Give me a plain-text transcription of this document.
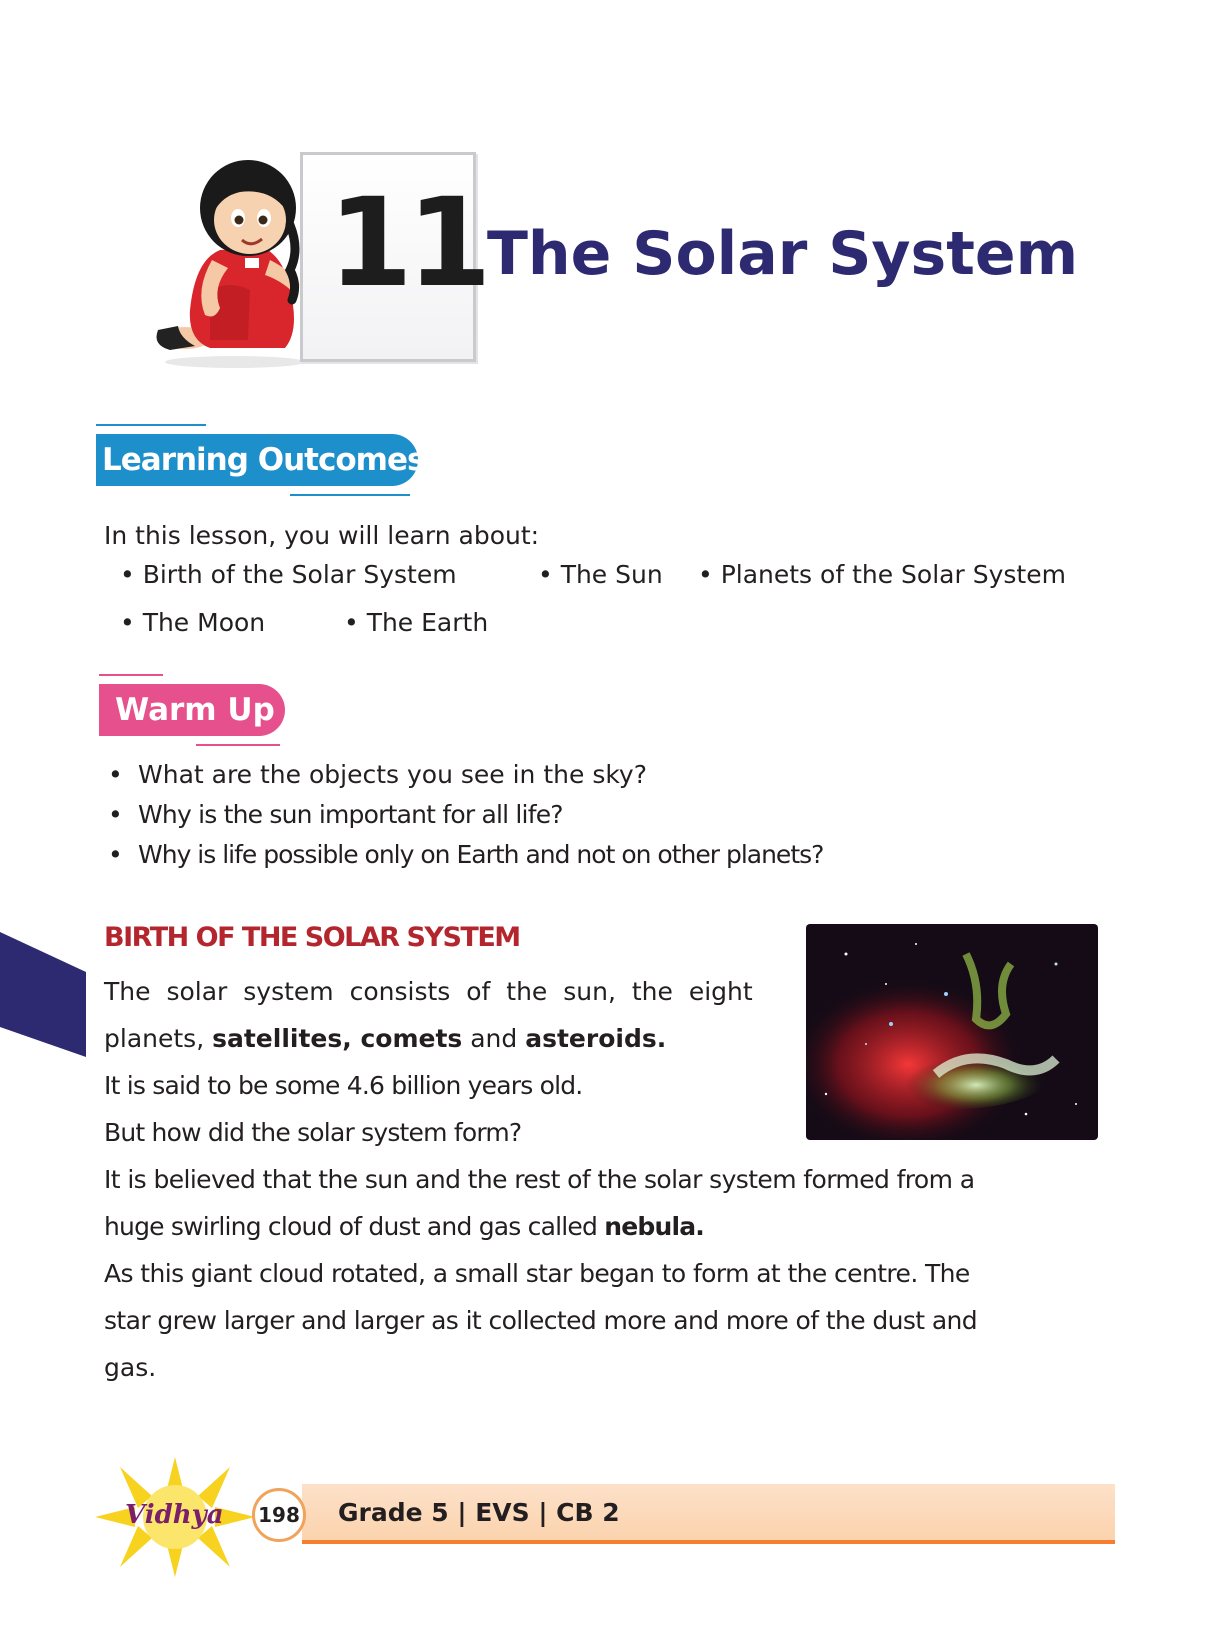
11 The Solar System
Learning Outcomes
In this lesson, you will learn about:
• Birth of the Solar System	• The Sun • Planets of the Solar System
• The Moon	• The Earth
Warm Up
• What are the objects you see in the sky?
• Why is the sun important for all life?
• Why is life possible only on Earth and not on other planets?
BIRTH OF THE SOLAR SYSTEM
The solar system consists of the sun, the eight
planets, satellites, comets and asteroids.
It is said to be some 4.6 billion years old.
But how did the solar system form?
It is believed that the sun and the rest of the solar system formed from a
huge swirling cloud of dust and gas called nebula.
As this giant cloud rotated, a small star began to form at the centre. The
star grew larger and larger as it collected more and more of the dust and
gas.
Grade 5 | EVS | CB 2
Vidhya	198
